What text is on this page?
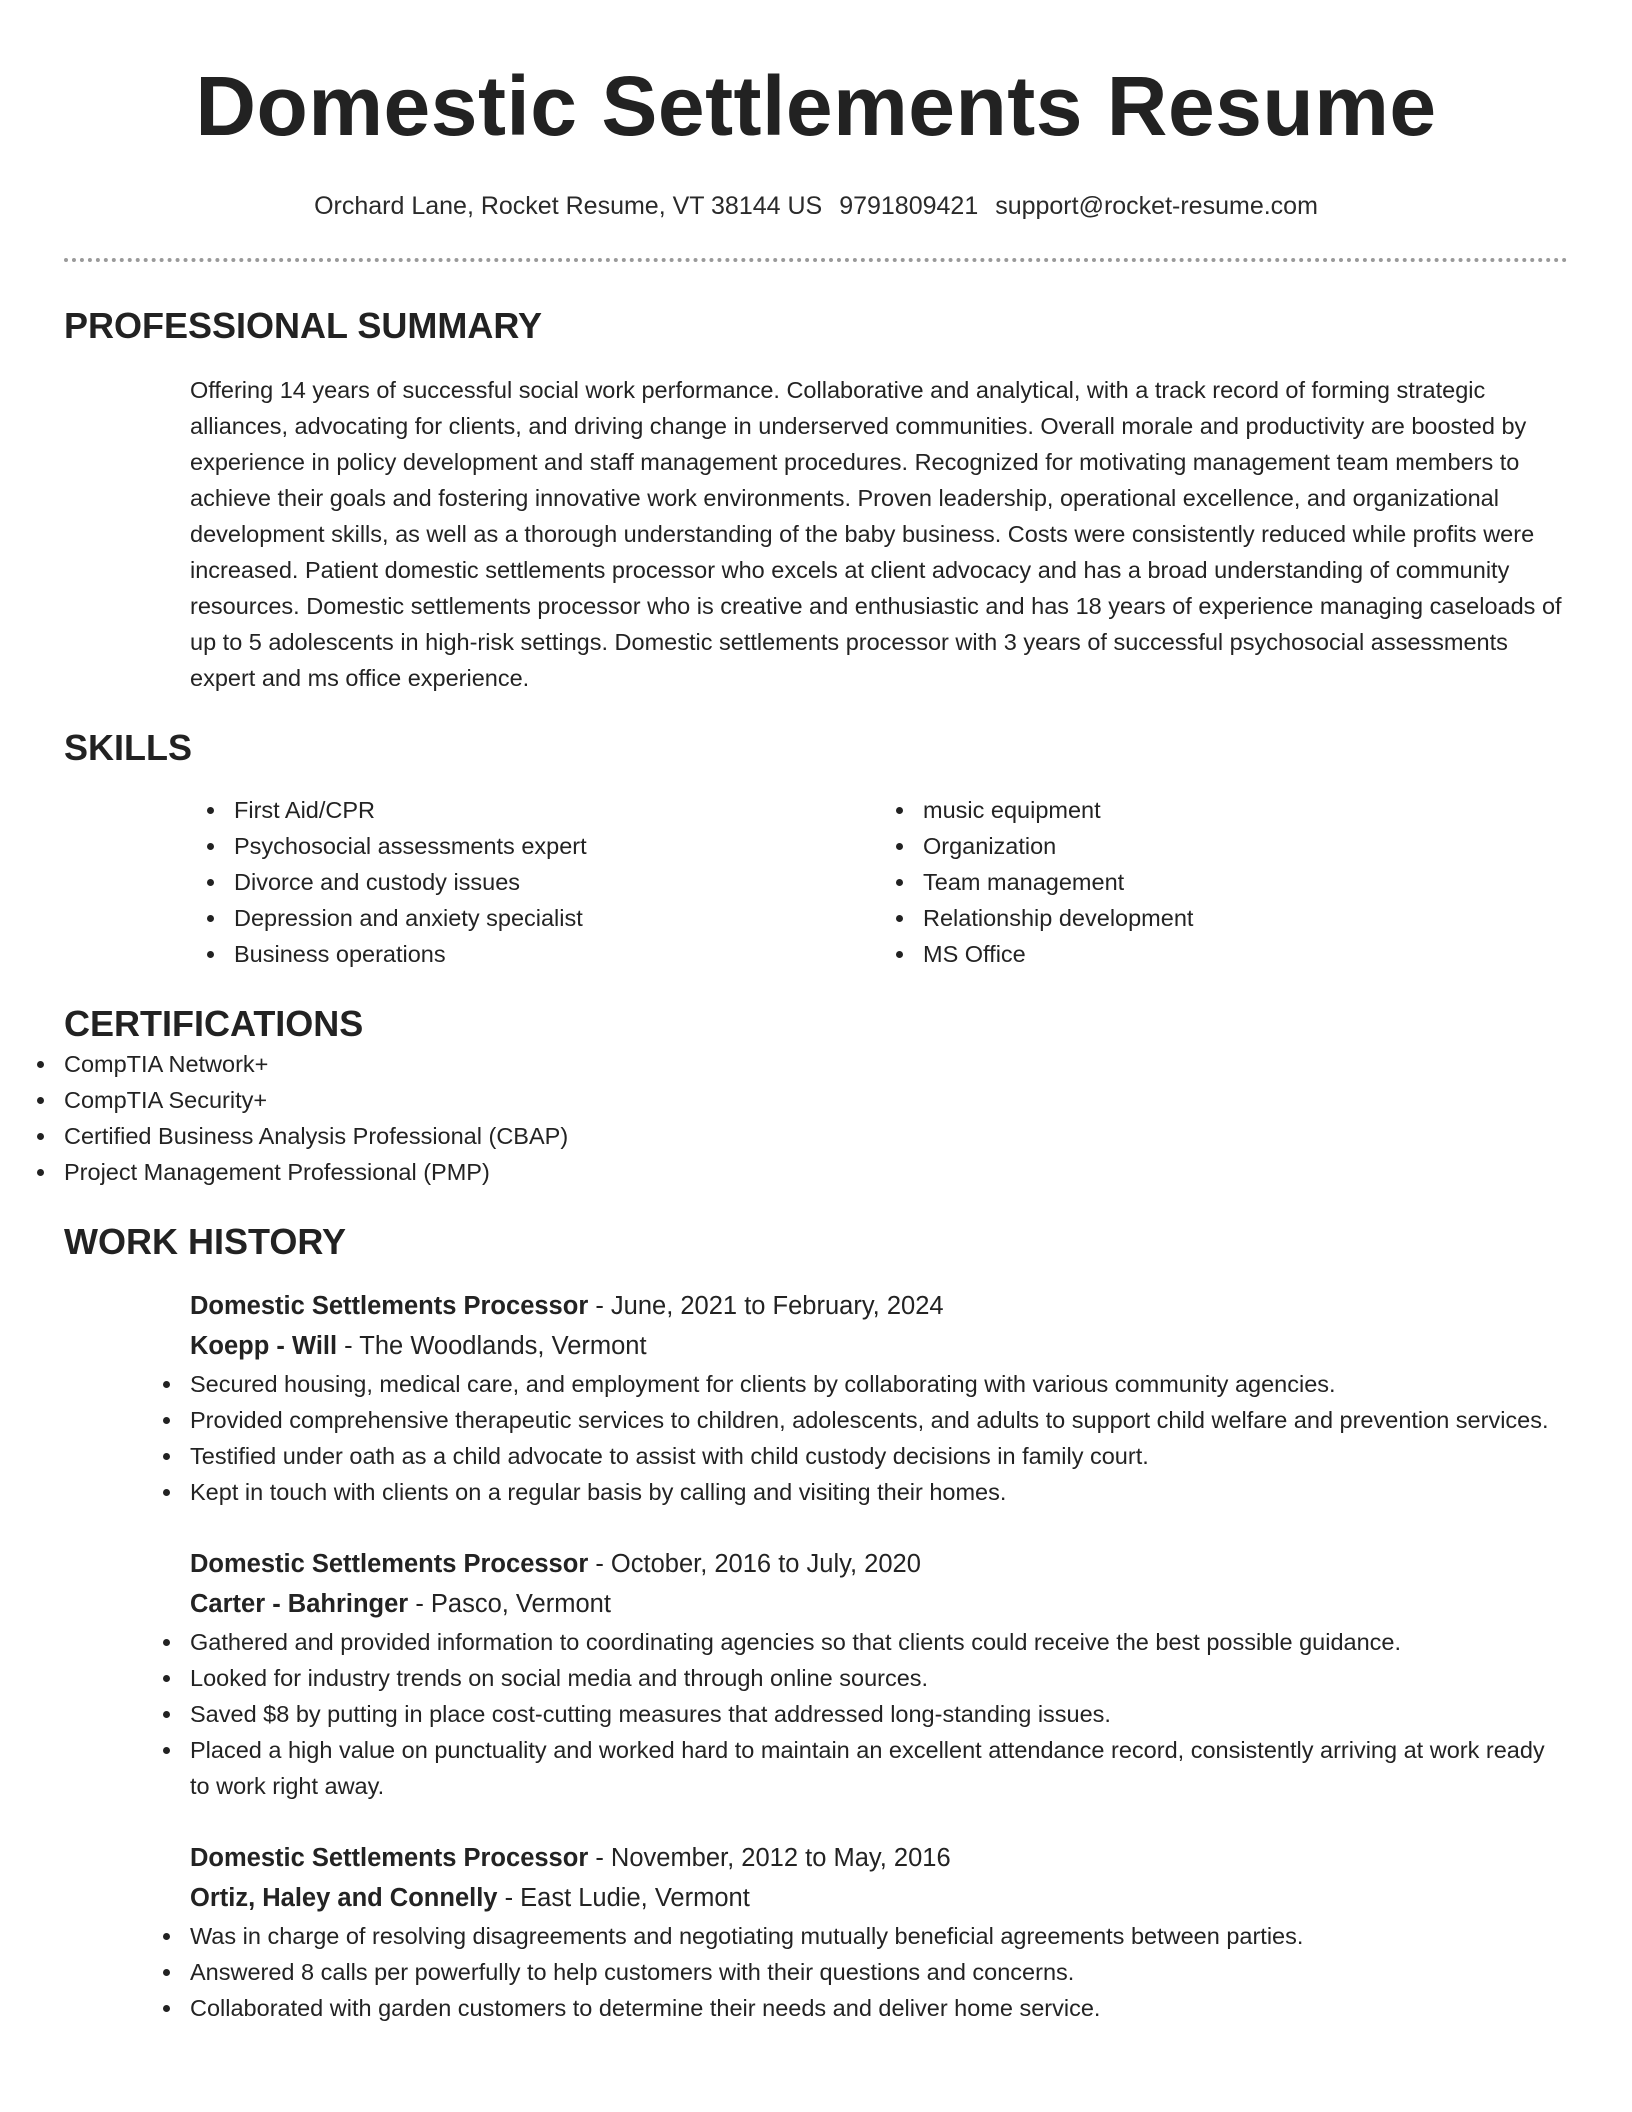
Domestic Settlements Resume
Orchard Lane, Rocket Resume, VT 38144 US 9791809421 support@rocket-resume.com
PROFESSIONAL SUMMARY

Offering 14 years of successful social work performance. Collaborative and analytical, with a track record of forming strategic alliances, advocating for clients, and driving change in underserved communities. Overall morale and productivity are boosted by experience in policy development and staff management procedures. Recognized for motivating management team members to achieve their goals and fostering innovative work environments. Proven leadership, operational excellence, and organizational development skills, as well as a thorough understanding of the baby business. Costs were consistently reduced while profits were increased. Patient domestic settlements processor who excels at client advocacy and has a broad understanding of community resources. Domestic settlements processor who is creative and enthusiastic and has 18 years of experience managing caseloads of up to 5 adolescents in high-risk settings. Domestic settlements processor with 3 years of successful psychosocial assessments expert and ms office experience.

SKILLS
First Aid/CPR
Psychosocial assessments expert
Divorce and custody issues
Depression and anxiety specialist
Business operations
music equipment
Organization
Team management
Relationship development
MS Office
CERTIFICATIONS
CompTIA Network+
CompTIA Security+
Certified Business Analysis Professional (CBAP)
Project Management Professional (PMP)
WORK HISTORY
Domestic Settlements Processor - June, 2021 to February, 2024
Koepp - Will - The Woodlands, Vermont
Secured housing, medical care, and employment for clients by collaborating with various community agencies.
Provided comprehensive therapeutic services to children, adolescents, and adults to support child welfare and prevention services.
Testified under oath as a child advocate to assist with child custody decisions in family court.
Kept in touch with clients on a regular basis by calling and visiting their homes.
Domestic Settlements Processor - October, 2016 to July, 2020
Carter - Bahringer - Pasco, Vermont
Gathered and provided information to coordinating agencies so that clients could receive the best possible guidance.
Looked for industry trends on social media and through online sources.
Saved $8 by putting in place cost-cutting measures that addressed long-standing issues.
Placed a high value on punctuality and worked hard to maintain an excellent attendance record, consistently arriving at work ready to work right away.
Domestic Settlements Processor - November, 2012 to May, 2016
Ortiz, Haley and Connelly - East Ludie, Vermont
Was in charge of resolving disagreements and negotiating mutually beneficial agreements between parties.
Answered 8 calls per powerfully to help customers with their questions and concerns.
Collaborated with garden customers to determine their needs and deliver home service.
